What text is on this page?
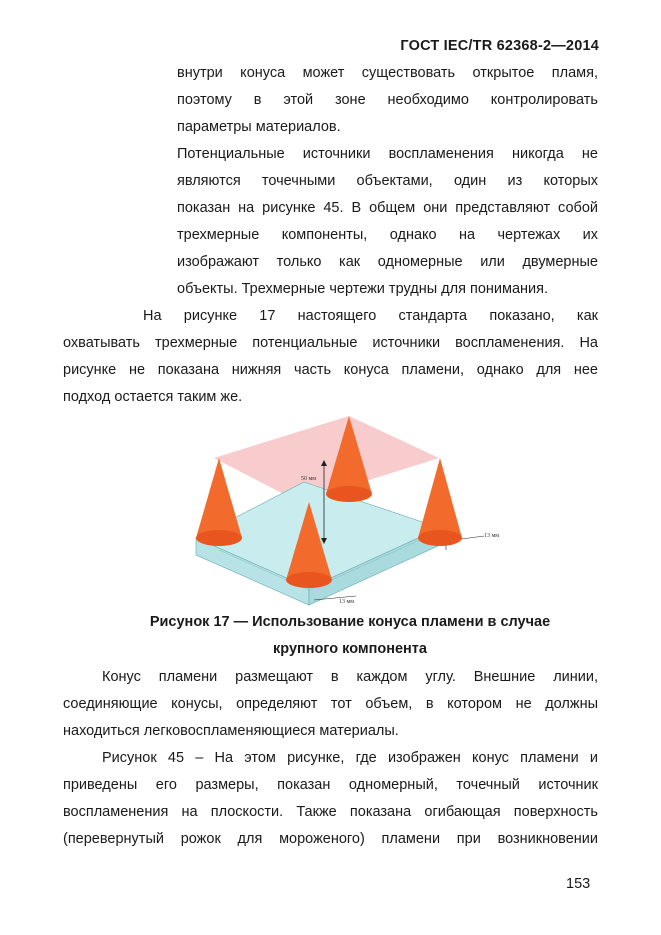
ГОСТ IEC/TR 62368-2—2014
внутри конуса может существовать открытое пламя,
поэтому в этой зоне необходимо контролировать
параметры материалов.
Потенциальные источники воспламенения никогда не
являются точечными объектами, один из которых
показан на рисунке 45. В общем они представляют собой
трехмерные компоненты, однако на чертежах их
изображают только как одномерные или двумерные
объекты. Трехмерные чертежи трудны для понимания.
На рисунке 17 настоящего стандарта показано, как
охватывать трехмерные потенциальные источники воспламенения. На
рисунке не показана нижняя часть конуса пламени, однако для нее
подход остается таким же.
50 мм
13 мм
13 мм
Рисунок 17 — Использование конуса пламени в случае
крупного компонента
Конус пламени размещают в каждом углу. Внешние линии,
соединяющие конусы, определяют тот объем, в котором не должны
находиться легковоспламеняющиеся материалы.
Рисунок 45 – На этом рисунке, где изображен конус пламени и
приведены его размеры, показан одномерный, точечный источник
воспламенения на плоскости. Также показана огибающая поверхность
(перевернутый рожок для мороженого) пламени при возникновении
153
